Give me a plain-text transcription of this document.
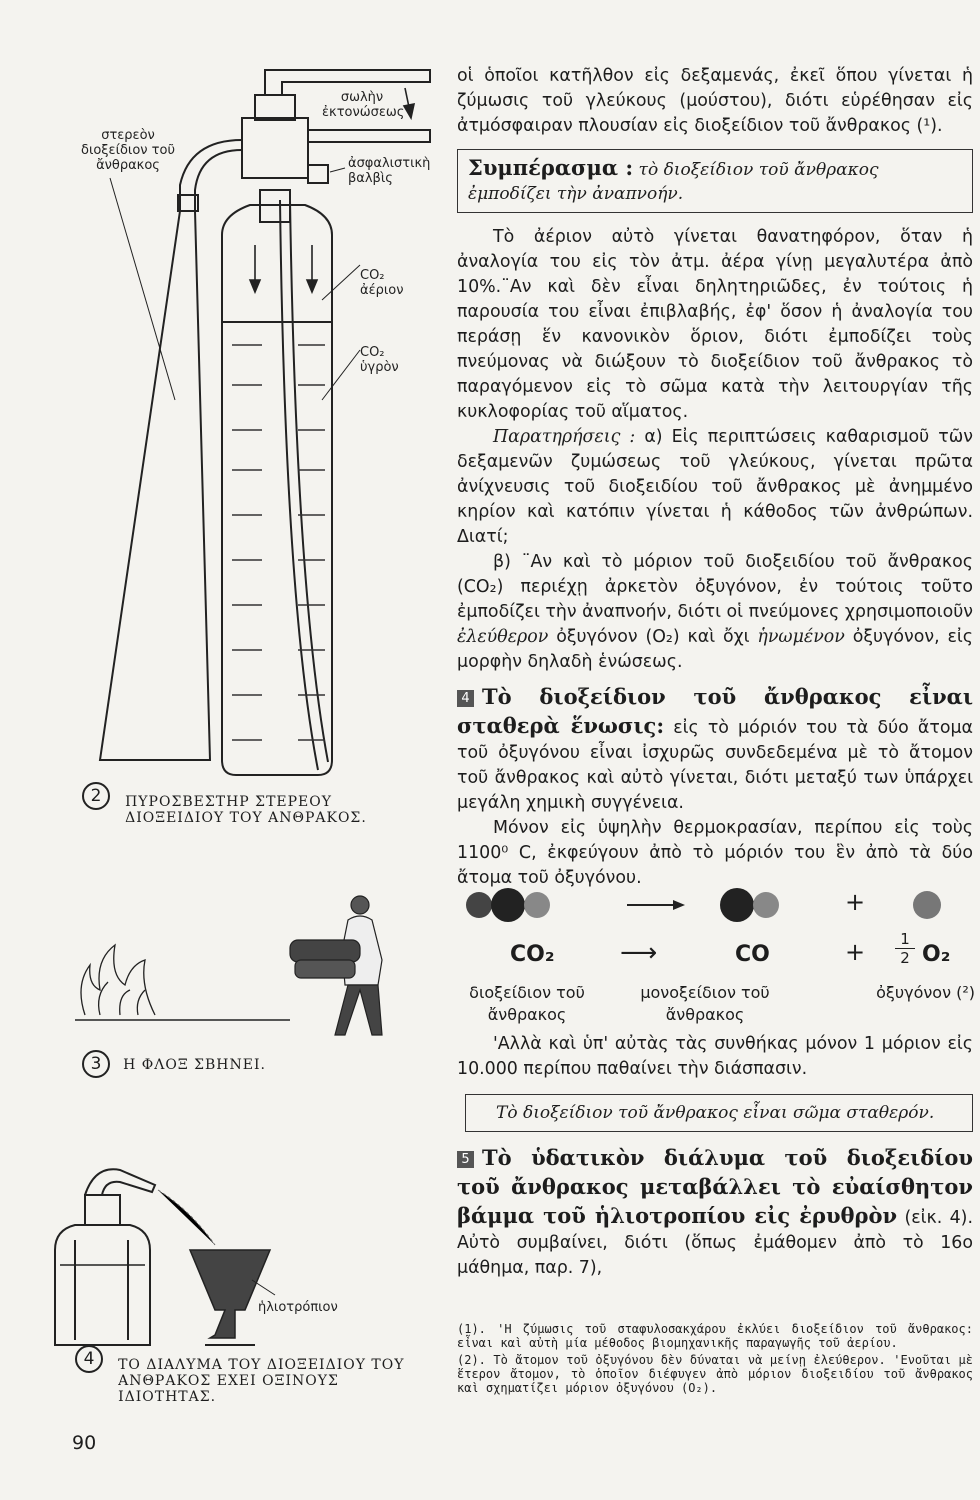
στερεὸν διοξείδιον τοῦ ἄνθρακος
σωλὴν ἐκτονώσεως
ἀσφαλιστικὴ βαλβὶς
CO₂ ἀέριον
CO₂ ὑγρὸν
2 ΠΥΡΟΣΒΕΣΤΗΡ ΣΤΕΡΕΟΥ ΔΙΟΞΕΙΔΙΟΥ ΤΟΥ ΑΝΘΡΑΚΟΣ.
3 Η ΦΛΟΞ ΣΒΗΝΕΙ.
ἡλιοτρόπιον
4 ΤΟ ΔΙΑΛΥΜΑ ΤΟΥ ΔΙΟΞΕΙΔΙΟΥ ΤΟΥ ΑΝΘΡΑΚΟΣ ΕΧΕΙ ΟΞΙΝΟΥΣ ΙΔΙΟΤΗΤΑΣ.
90

οἱ ὁποῖοι κατῆλθον εἰς δεξαμενάς, ἐκεῖ ὅπου γίνεται ἡ ζύμωσις τοῦ γλεύκους (μούστου), διότι εὑρέθησαν εἰς ἀτμόσφαιραν πλουσίαν εἰς διοξείδιον τοῦ ἄνθρακος (¹).

Συμπέρασμα : τὸ διοξείδιον τοῦ ἄνθρακος ἐμποδίζει τὴν ἀναπνοήν.

Τὸ ἀέριον αὐτὸ γίνεται θανατηφόρον, ὅταν ἡ ἀναλογία του εἰς τὸν ἀτμ. ἀέρα γίνῃ μεγαλυτέρα ἀπὸ 10%.¨Αν καὶ δὲν εἶναι δηλητηριῶδες, ἐν τούτοις ἡ παρουσία του εἶναι ἐπιβλαβής, ἐφ' ὅσον ἡ ἀναλογία του περάσῃ ἕν κανονικὸν ὅριον, διότι ἐμποδίζει τοὺς πνεύμονας νὰ διώξουν τὸ διοξείδιον τοῦ ἄνθρακος τὸ παραγόμενον εἰς τὸ σῶμα κατὰ τὴν λειτουργίαν τῆς κυκλοφορίας τοῦ αἵματος.

Παρατηρήσεις : α) Εἰς περιπτώσεις καθαρισμοῦ τῶν δεξαμενῶν ζυμώσεως τοῦ γλεύκους, γίνεται πρῶτα ἀνίχνευσις τοῦ διοξειδίου τοῦ ἄνθρακος μὲ ἀνημμένο κηρίον καὶ κατόπιν γίνεται ἡ κάθοδος τῶν ἀνθρώπων. Διατί;

β) ¨Αν καὶ τὸ μόριον τοῦ διοξειδίου τοῦ ἄνθρακος (CO₂) περιέχῃ ἀρκετὸν ὀξυγόνον, ἐν τούτοις τοῦτο ἐμποδίζει τὴν ἀναπνοήν, διότι οἱ πνεύμονες χρησιμοποιοῦν ἐλεύθερον ὀξυγόνον (O₂) καὶ ὄχι ἡνωμένον ὀξυγόνον, εἰς μορφὴν δηλαδὴ ἑνώσεως.

4 Τὸ διοξείδιον τοῦ ἄνθρακος εἶναι σταθερὰ ἕνωσις: εἰς τὸ μόριόν του τὰ δύο ἄτομα τοῦ ὀξυγόνου εἶναι ἰσχυρῶς συνδεδεμένα μὲ τὸ ἄτομον τοῦ ἄνθρακος καὶ αὐτὸ γίνεται, διότι μεταξύ των ὑπάρχει μεγάλη χημικὴ συγγένεια.

Μόνον εἰς ὑψηλὴν θερμοκρασίαν, περίπου εἰς τοὺς 1100⁰ C, ἐκφεύγουν ἀπὸ τὸ μόριόν του ἓν ἀπὸ τὰ δύο ἄτομα τοῦ ὀξυγόνου.

+
CO₂	⟶	CO	+ $\frac{1}{2} O_2$
διοξείδιον τοῦ ἄνθρακος
μονοξείδιον τοῦ ἄνθρακος
ὀξυγόνον (²)

'Αλλὰ καὶ ὑπ' αὐτὰς τὰς συνθήκας μόνον 1 μόριον εἰς 10.000 περίπου παθαίνει τὴν διάσπασιν.

Τὸ διοξείδιον τοῦ ἄνθρακος εἶναι σῶμα σταθερόν.

5 Τὸ ὑδατικὸν διάλυμα τοῦ διοξειδίου τοῦ ἄνθρακος μεταβάλλει τὸ εὐαίσθητον βάμμα τοῦ ἡλιοτροπίου εἰς ἐρυθρὸν (εἰκ. 4). Αὐτὸ συμβαίνει, διότι (ὅπως ἐμάθομεν ἀπὸ τὸ 16ο μάθημα, παρ. 7),

(1). 'Η ζύμωσις τοῦ σταφυλοσακχάρου ἐκλύει διοξείδιον τοῦ ἄνθρακος: εἶναι καὶ αὐτὴ μία μέθοδος βιομηχανικῆς παραγωγῆς τοῦ ἀερίου.

(2). Τὸ ἄτομον τοῦ ὀξυγόνου δὲν δύναται νὰ μείνῃ ἐλεύθερον. 'Ενοῦται μὲ ἕτερον ἄτομον, τὸ ὁποῖον διέφυγεν ἀπὸ μόριον διοξειδίου τοῦ ἄνθρακος καὶ σχηματίζει μόριον ὀξυγόνου (O₂).
